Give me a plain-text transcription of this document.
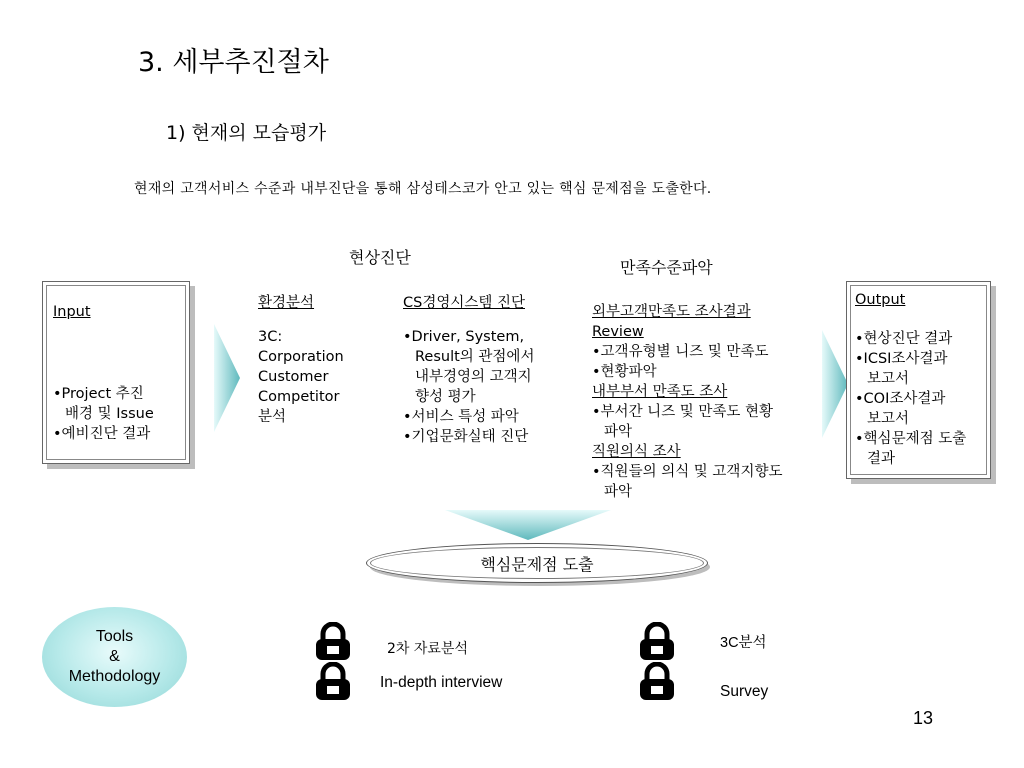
3. 세부추진절차
1) 현재의 모습평가
현재의 고객서비스 수준과 내부진단을 통해 삼성테스코가 안고 있는 핵심 문제점을 도출한다.
현상진단
만족수준파악
Input
•Project 추진
배경 및 Issue
•예비진단 결과
환경분석
3C:
Corporation
Customer
Competitor
분석
CS경영시스템 진단
•Driver, System,
Result의 관점에서
내부경영의 고객지
향성 평가
•서비스 특성 파악
•기업문화실태 진단
외부고객만족도 조사결과
Review
•고객유형별 니즈 및 만족도
•현황파악
내부부서 만족도 조사
•부서간 니즈 및 만족도 현황
파악
직원의식 조사
•직원들의 의식 및 고객지향도
파악
Output
•현상진단 결과
•ICSI조사결과
보고서
•COI조사결과
보고서
•핵심문제점 도출
결과
핵심문제점 도출
Tools
&
Methodology
2차 자료분석
In-depth interview
3C분석
Survey
13
